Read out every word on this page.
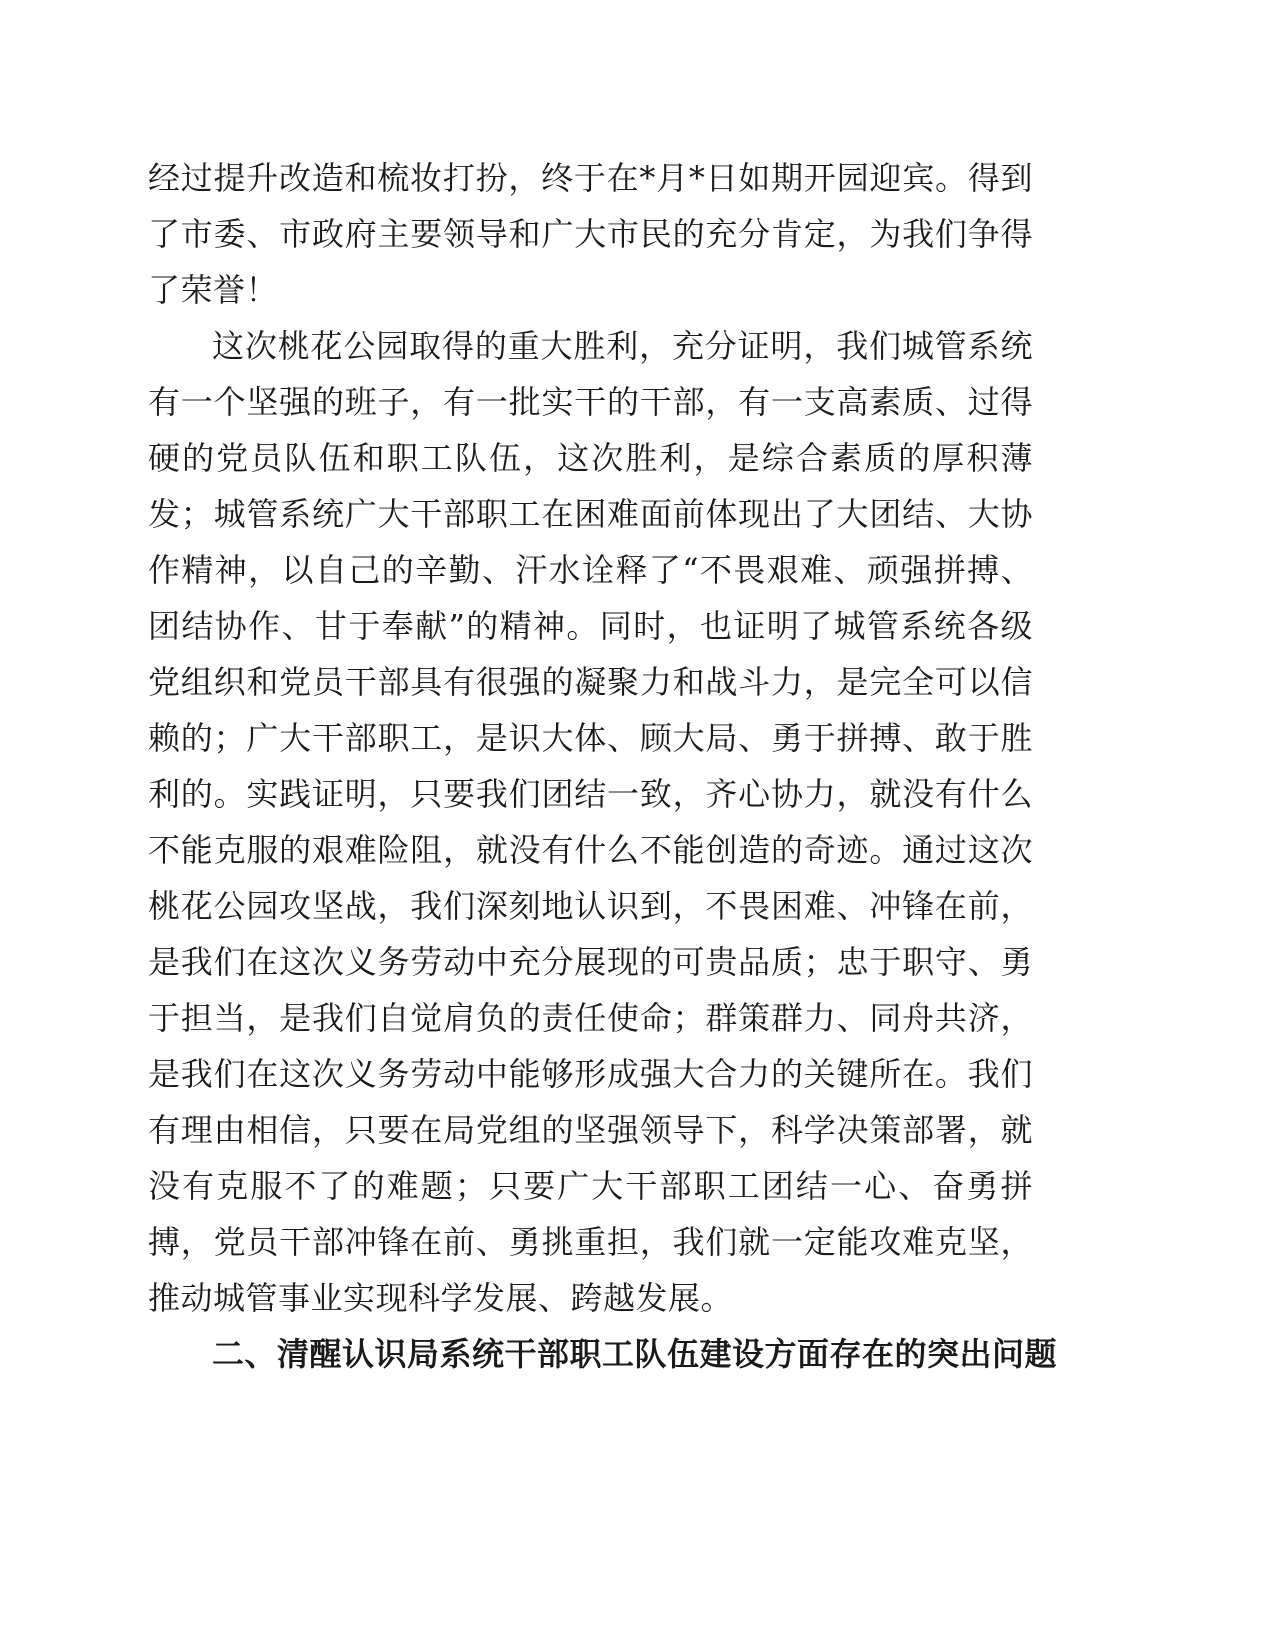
经过提升改造和梳妆打扮，终于在*月*日如期开园迎宾。得到了市委、市政府主要领导和广大市民的充分肯定，为我们争得了荣誉！

这次桃花公园取得的重大胜利，充分证明，我们城管系统有一个坚强的班子，有一批实干的干部，有一支高素质、过得硬的党员队伍和职工队伍，这次胜利，是综合素质的厚积薄发；城管系统广大干部职工在困难面前体现出了大团结、大协作精神，以自己的辛勤、汗水诠释了“不畏艰难、顽强拼搏、团结协作、甘于奉献”的精神。同时，也证明了城管系统各级党组织和党员干部具有很强的凝聚力和战斗力，是完全可以信赖的；广大干部职工，是识大体、顾大局、勇于拼搏、敢于胜利的。实践证明，只要我们团结一致，齐心协力，就没有什么不能克服的艰难险阻，就没有什么不能创造的奇迹。通过这次桃花公园攻坚战，我们深刻地认识到，不畏困难、冲锋在前，是我们在这次义务劳动中充分展现的可贵品质；忠于职守、勇于担当，是我们自觉肩负的责任使命；群策群力、同舟共济，是我们在这次义务劳动中能够形成强大合力的关键所在。我们有理由相信，只要在局党组的坚强领导下，科学决策部署，就没有克服不了的难题；只要广大干部职工团结一心、奋勇拼搏，党员干部冲锋在前、勇挑重担，我们就一定能攻难克坚，推动城管事业实现科学发展、跨越发展。

二、清醒认识局系统干部职工队伍建设方面存在的突出问题
